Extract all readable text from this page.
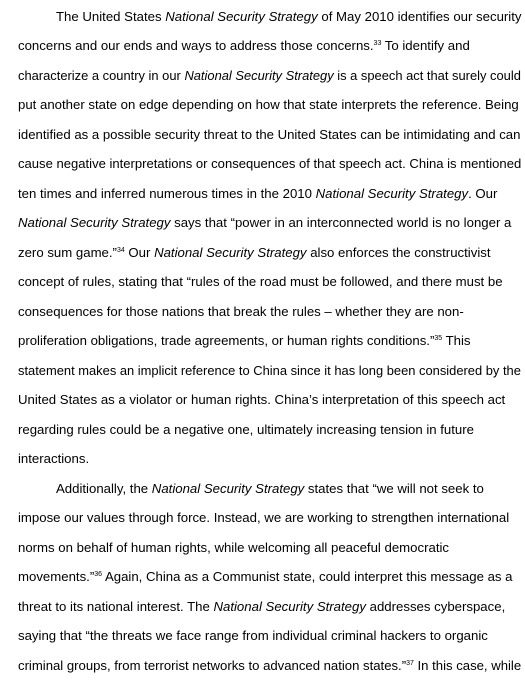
The United States National Security Strategy of May 2010 identifies our security
concerns and our ends and ways to address those concerns.$^{33}$ To identify and
characterize a country in our National Security Strategy is a speech act that surely could
put another state on edge depending on how that state interprets the reference. Being
identified as a possible security threat to the United States can be intimidating and can
cause negative interpretations or consequences of that speech act. China is mentioned
ten times and inferred numerous times in the 2010 National Security Strategy. Our
National Security Strategy says that “power in an interconnected world is no longer a
zero sum game.”$^{34}$ Our National Security Strategy also enforces the constructivist
concept of rules, stating that “rules of the road must be followed, and there must be
consequences for those nations that break the rules – whether they are non-
proliferation obligations, trade agreements, or human rights conditions.”$^{35}$ This
statement makes an implicit reference to China since it has long been considered by the
United States as a violator or human rights. China’s interpretation of this speech act
regarding rules could be a negative one, ultimately increasing tension in future
interactions.
Additionally, the National Security Strategy states that “we will not seek to
impose our values through force. Instead, we are working to strengthen international
norms on behalf of human rights, while welcoming all peaceful democratic
movements.”$^{36}$ Again, China as a Communist state, could interpret this message as a
threat to its national interest. The National Security Strategy addresses cyberspace,
saying that “the threats we face range from individual criminal hackers to organic
criminal groups, from terrorist networks to advanced nation states.”$^{37}$ In this case, while
